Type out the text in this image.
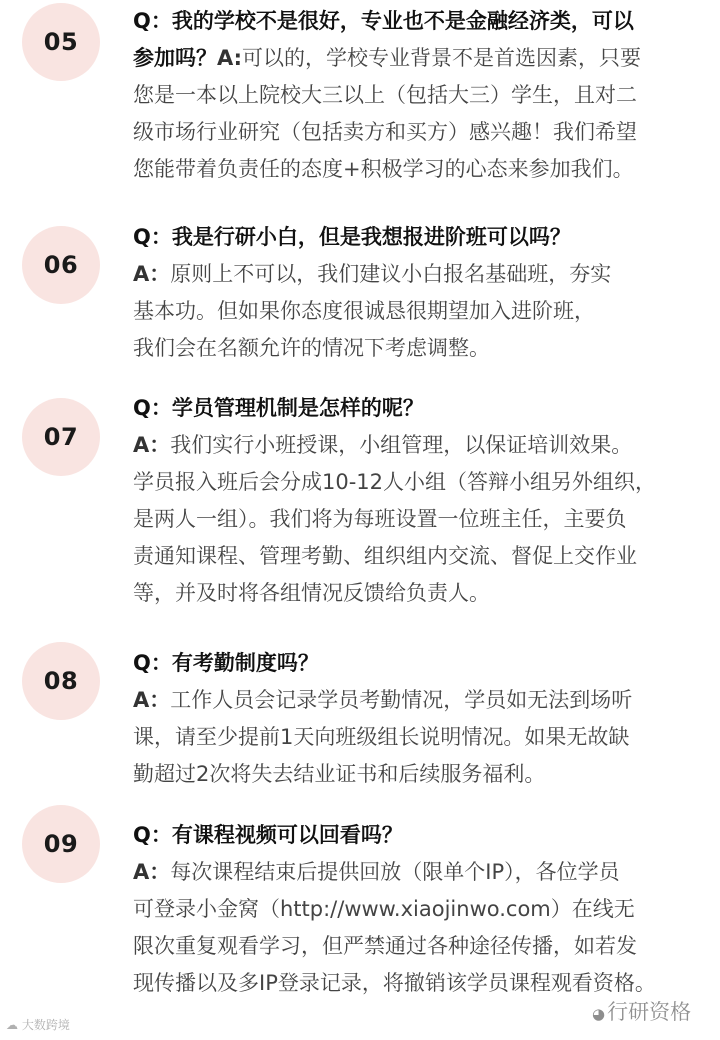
05
Q：我的学校不是很好，专业也不是金融经济类，可以
参加吗？A:可以的，学校专业背景不是首选因素，只要
您是一本以上院校大三以上（包括大三）学生，且对二
级市场行业研究（包括卖方和买方）感兴趣！我们希望
您能带着负责任的态度+积极学习的心态来参加我们。
06
Q：我是行研小白，但是我想报进阶班可以吗？
A：原则上不可以，我们建议小白报名基础班，夯实
基本功。但如果你态度很诚恳很期望加入进阶班，
我们会在名额允许的情况下考虑调整。
07
Q：学员管理机制是怎样的呢？
A：我们实行小班授课，小组管理，以保证培训效果。
学员报入班后会分成10-12人小组（答辩小组另外组织，
是两人一组）。我们将为每班设置一位班主任，主要负
责通知课程、管理考勤、组织组内交流、督促上交作业
等，并及时将各组情况反馈给负责人。
08
Q：有考勤制度吗？
A：工作人员会记录学员考勤情况，学员如无法到场听
课，请至少提前1天向班级组长说明情况。如果无故缺
勤超过2次将失去结业证书和后续服务福利。
09	Q：有课程视频可以回看吗？
A：每次课程结束后提供回放（限单个IP），各位学员
可登录小金窝（http://www.xiaojinwo.com）在线无
限次重复观看学习，但严禁通过各种途径传播，如若发
现传播以及多IP登录记录，将撤销该学员课程观看资格。
☁ 大数跨境
◕行研资格
